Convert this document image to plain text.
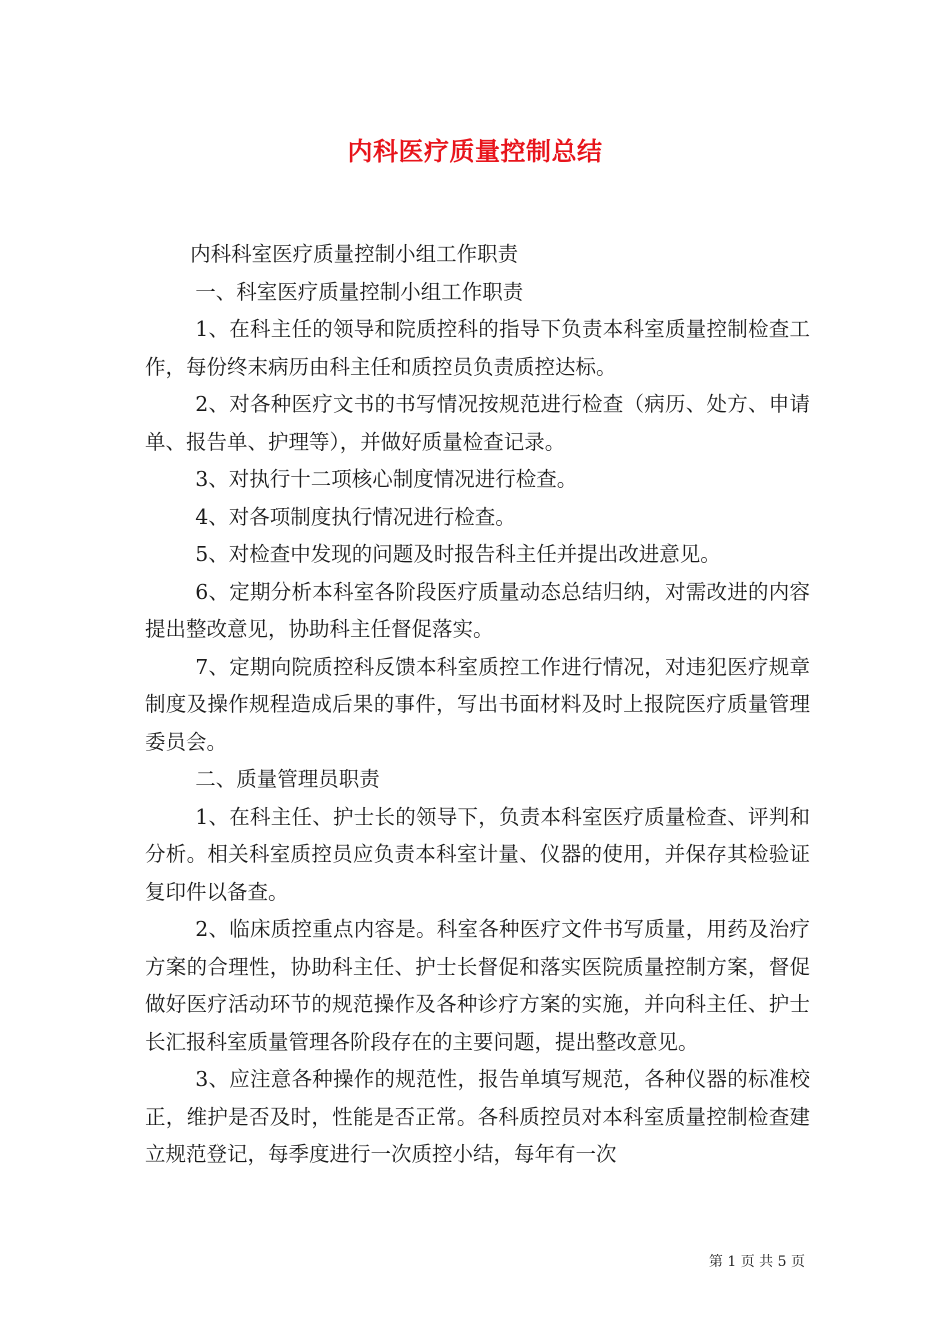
内科医疗质量控制总结

内科科室医疗质量控制小组工作职责

一、科室医疗质量控制小组工作职责

1、在科主任的领导和院质控科的指导下负责本科室质量控制检查工作，每份终末病历由科主任和质控员负责质控达标。

2、对各种医疗文书的书写情况按规范进行检查（病历、处方、申请单、报告单、护理等），并做好质量检查记录。

3、对执行十二项核心制度情况进行检查。

4、对各项制度执行情况进行检查。

5、对检查中发现的问题及时报告科主任并提出改进意见。

6、定期分析本科室各阶段医疗质量动态总结归纳，对需改进的内容提出整改意见，协助科主任督促落实。

7、定期向院质控科反馈本科室质控工作进行情况，对违犯医疗规章制度及操作规程造成后果的事件，写出书面材料及时上报院医疗质量管理委员会。

二、质量管理员职责

1、在科主任、护士长的领导下，负责本科室医疗质量检查、评判和分析。相关科室质控员应负责本科室计量、仪器的使用，并保存其检验证复印件以备查。

2、临床质控重点内容是。科室各种医疗文件书写质量，用药及治疗方案的合理性，协助科主任、护士长督促和落实医院质量控制方案，督促做好医疗活动环节的规范操作及各种诊疗方案的实施，并向科主任、护士长汇报科室质量管理各阶段存在的主要问题，提出整改意见。

3、应注意各种操作的规范性，报告单填写规范，各种仪器的标准校正，维护是否及时，性能是否正常。各科质控员对本科室质量控制检查建立规范登记，每季度进行一次质控小结，每年有一次

第 1 页 共 5 页
